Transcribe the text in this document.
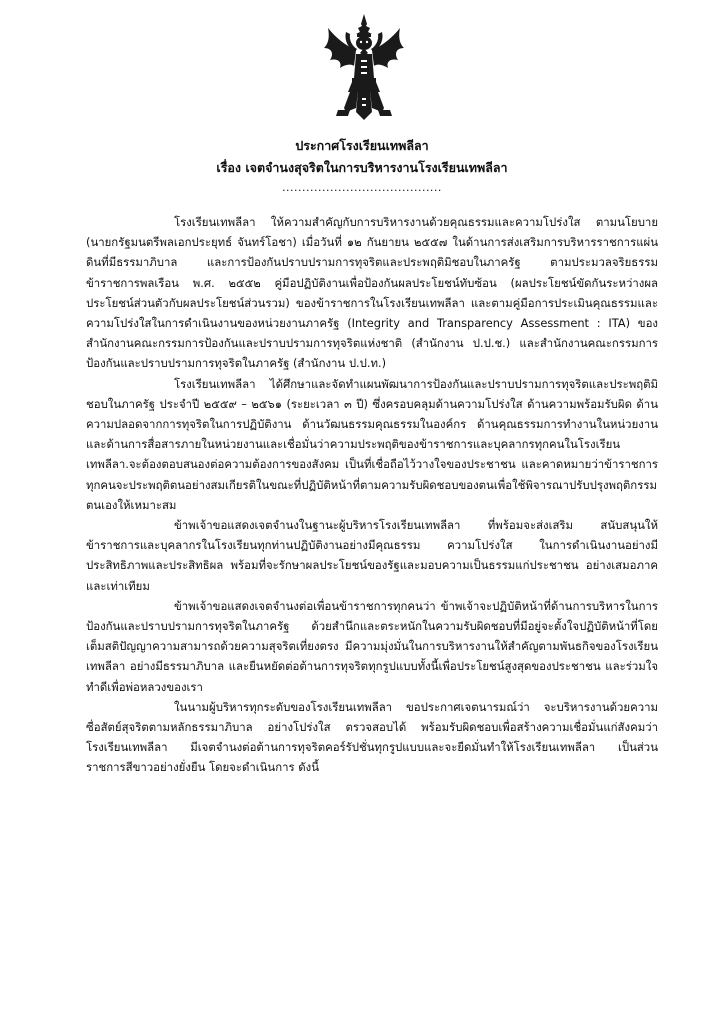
ประกาศโรงเรียนเทพลีลา
เรื่อง เจตจำนงสุจริตในการบริหารงานโรงเรียนเทพลีลา
........................................

โรงเรียนเทพลีลา ให้ความสำคัญกับการบริหารงานด้วยคุณธรรมและความโปร่งใส ตามนโยบาย (นายกรัฐมนตรีพลเอกประยุทธ์ จันทร์โอชา) เมื่อวันที่ ๑๒ กันยายน ๒๕๕๗ ในด้านการส่งเสริมการบริหารราชการแผ่นดินที่มีธรรมาภิบาล และการป้องกันปราบปรามการทุจริตและประพฤติมิชอบในภาครัฐ ตามประมวลจริยธรรมข้าราชการพลเรือน พ.ศ. ๒๕๕๒ คู่มือปฏิบัติงานเพื่อป้องกันผลประโยชน์ทับซ้อน (ผลประโยชน์ขัดกันระหว่างผลประโยชน์ส่วนตัวกับผลประโยชน์ส่วนรวม) ของข้าราชการในโรงเรียนเทพลีลา และตามคู่มือการประเมินคุณธรรมและความโปร่งใสในการดำเนินงานของหน่วยงานภาครัฐ (Integrity and Transparency Assessment : ITA) ของสำนักงานคณะกรรมการป้องกันและปราบปรามการทุจริตแห่งชาติ (สำนักงาน ป.ป.ช.) และสำนักงานคณะกรรมการป้องกันและปราบปรามการทุจริตในภาครัฐ (สำนักงาน ป.ป.ท.)

โรงเรียนเทพลีลา ได้ศึกษาและจัดทำแผนพัฒนาการป้องกันและปราบปรามการทุจริตและประพฤติมิชอบในภาครัฐ ประจำปี ๒๕๕๙ – ๒๕๖๑ (ระยะเวลา ๓ ปี) ซึ่งครอบคลุมด้านความโปร่งใส ด้านความพร้อมรับผิด ด้านความปลอดจากการทุจริตในการปฏิบัติงาน ด้านวัฒนธรรมคุณธรรมในองค์กร ด้านคุณธรรมการทำงานในหน่วยงาน และด้านการสื่อสารภายในหน่วยงานและเชื่อมั่นว่าความประพฤติของข้าราชการและบุคลากรทุกคนในโรงเรียนเทพลีลา.จะต้องตอบสนองต่อความต้องการของสังคม เป็นที่เชื่อถือไว้วางใจของประชาชน และคาดหมายว่าข้าราชการทุกคนจะประพฤติตนอย่างสมเกียรติในขณะที่ปฏิบัติหน้าที่ตามความรับผิดชอบของตนเพื่อใช้พิจารณาปรับปรุงพฤติกรรมตนเองให้เหมาะสม

ข้าพเจ้าขอแสดงเจตจำนงในฐานะผู้บริหารโรงเรียนเทพลีลา ที่พร้อมจะส่งเสริม สนับสนุนให้ข้าราชการและบุคลากรในโรงเรียนทุกท่านปฏิบัติงานอย่างมีคุณธรรม ความโปร่งใส ในการดำเนินงานอย่างมีประสิทธิภาพและประสิทธิผล พร้อมที่จะรักษาผลประโยชน์ของรัฐและมอบความเป็นธรรมแก่ประชาชน อย่างเสมอภาคและเท่าเทียม

ข้าพเจ้าขอแสดงเจตจำนงต่อเพื่อนข้าราชการทุกคนว่า ข้าพเจ้าจะปฏิบัติหน้าที่ด้านการบริหารในการป้องกันและปราบปรามการทุจริตในภาครัฐ ด้วยสำนึกและตระหนักในความรับผิดชอบที่มีอยู่จะตั้งใจปฏิบัติหน้าที่โดยเต็มสติปัญญาความสามารถด้วยความสุจริตเที่ยงตรง มีความมุ่งมั่นในการบริหารงานให้สำคัญตามพันธกิจของโรงเรียนเทพลีลา อย่างมีธรรมาภิบาล และยืนหยัดต่อต้านการทุจริตทุกรูปแบบทั้งนี้เพื่อประโยชน์สูงสุดของประชาชน และร่วมใจทำดีเพื่อพ่อหลวงของเรา

ในนามผู้บริหารทุกระดับของโรงเรียนเทพลีลา ขอประกาศเจตนารมณ์ว่า จะบริหารงานด้วยความซื่อสัตย์สุจริตตามหลักธรรมาภิบาล อย่างโปร่งใส ตรวจสอบได้ พร้อมรับผิดชอบเพื่อสร้างความเชื่อมั่นแก่สังคมว่า โรงเรียนเทพลีลา มีเจตจำนงต่อต้านการทุจริตคอร์รัปชั่นทุกรูปแบบและจะยืดมั่นทำให้โรงเรียนเทพลีลา เป็นส่วนราชการสีขาวอย่างยั่งยืน โดยจะดำเนินการ ดังนี้
